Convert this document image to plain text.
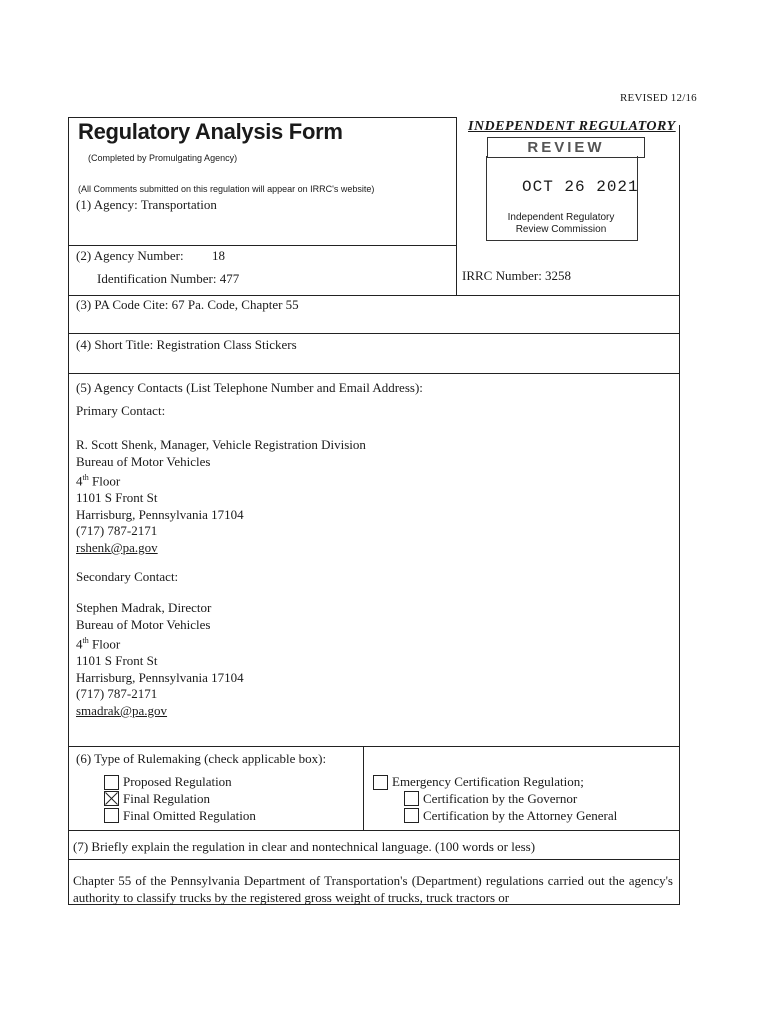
REVISED 12/16
Regulatory Analysis Form
(Completed by Promulgating Agency)
(All Comments submitted on this regulation will appear on IRRC's website)
INDEPENDENT REGULATORY
REVIEW
OCT 26 2021
Independent Regulatory Review Commission
(1) Agency: Transportation
(2) Agency Number: 18
Identification Number: 477	IRRC Number: 3258
(3) PA Code Cite: 67 Pa. Code, Chapter 55
(4) Short Title: Registration Class Stickers
(5) Agency Contacts (List Telephone Number and Email Address):
Primary Contact:
R. Scott Shenk, Manager, Vehicle Registration Division
Bureau of Motor Vehicles
4th Floor
1101 S Front St
Harrisburg, Pennsylvania 17104
(717) 787-2171
rshenk@pa.gov
Secondary Contact:
Stephen Madrak, Director
Bureau of Motor Vehicles
4th Floor
1101 S Front St
Harrisburg, Pennsylvania 17104
(717) 787-2171
smadrak@pa.gov
(6) Type of Rulemaking (check applicable box):
Proposed Regulation
Final Regulation
Final Omitted Regulation
Emergency Certification Regulation;
Certification by the Governor
Certification by the Attorney General
(7) Briefly explain the regulation in clear and nontechnical language. (100 words or less)
Chapter 55 of the Pennsylvania Department of Transportation's (Department) regulations carried out the agency's authority to classify trucks by the registered gross weight of trucks, truck tractors or
